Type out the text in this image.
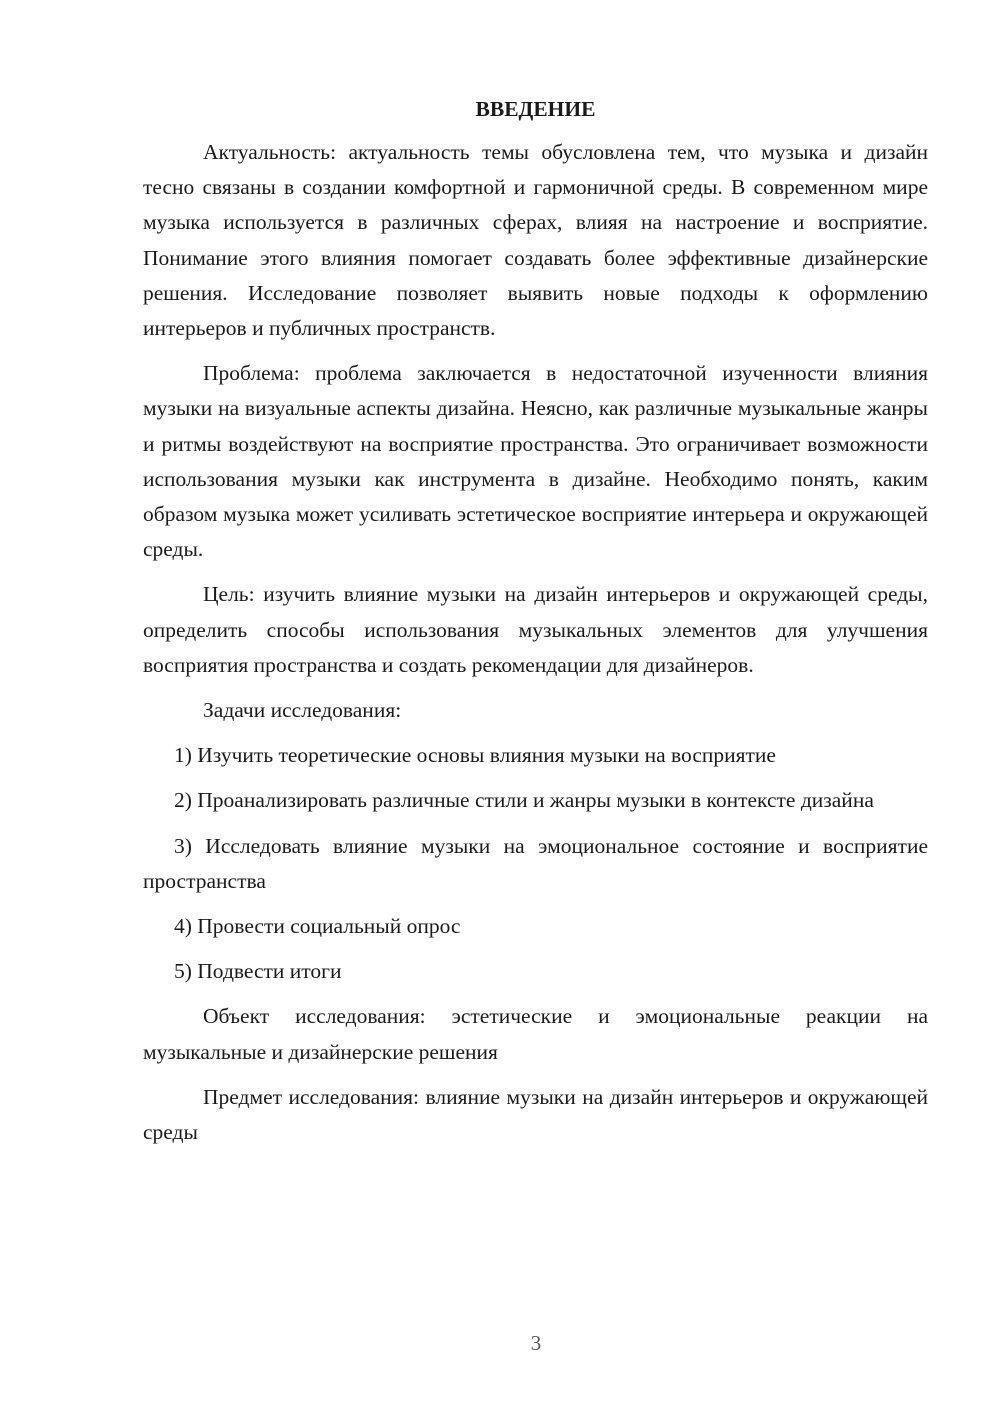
ВВЕДЕНИЕ

Актуальность: актуальность темы обусловлена тем, что музыка и дизайн тесно связаны в создании комфортной и гармоничной среды. В современном мире музыка используется в различных сферах, влияя на настроение и восприятие. Понимание этого влияния помогает создавать более эффективные дизайнерские решения. Исследование позволяет выявить новые подходы к оформлению интерьеров и публичных пространств.

Проблема: проблема заключается в недостаточной изученности влияния музыки на визуальные аспекты дизайна. Неясно, как различные музыкальные жанры и ритмы воздействуют на восприятие пространства. Это ограничивает возможности использования музыки как инструмента в дизайне. Необходимо понять, каким образом музыка может усиливать эстетическое восприятие интерьера и окружающей среды.

Цель: изучить влияние музыки на дизайн интерьеров и окружающей среды, определить способы использования музыкальных элементов для улучшения восприятия пространства и создать рекомендации для дизайнеров.

Задачи исследования:

1) Изучить теоретические основы влияния музыки на восприятие

2) Проанализировать различные стили и жанры музыки в контексте дизайна

3) Исследовать влияние музыки на эмоциональное состояние и восприятие пространства

4) Провести социальный опрос

5) Подвести итоги

Объект исследования: эстетические и эмоциональные реакции на музыкальные и дизайнерские решения

Предмет исследования: влияние музыки на дизайн интерьеров и окружающей среды

3
